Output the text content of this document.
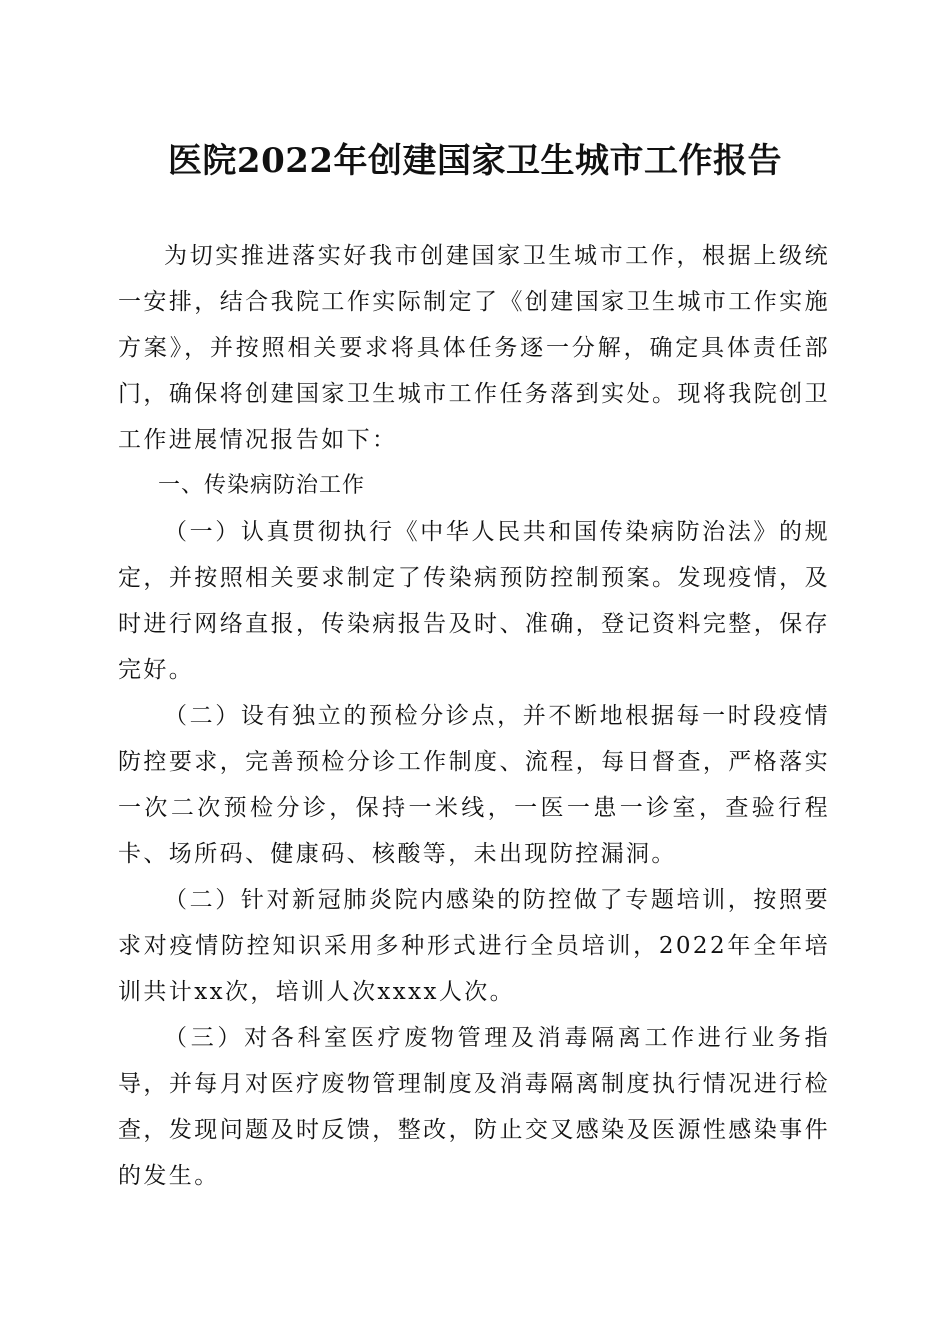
医院2022年创建国家卫生城市工作报告

为切实推进落实好我市创建国家卫生城市工作，根据上级统一安排，结合我院工作实际制定了《创建国家卫生城市工作实施方案》，并按照相关要求将具体任务逐一分解，确定具体责任部门，确保将创建国家卫生城市工作任务落到实处。现将我院创卫工作进展情况报告如下：

一、传染病防治工作

（一）认真贯彻执行《中华人民共和国传染病防治法》的规定，并按照相关要求制定了传染病预防控制预案。发现疫情，及时进行网络直报，传染病报告及时、准确，登记资料完整，保存完好。

（二）设有独立的预检分诊点，并不断地根据每一时段疫情防控要求，完善预检分诊工作制度、流程，每日督查，严格落实一次二次预检分诊，保持一米线，一医一患一诊室，查验行程卡、场所码、健康码、核酸等，未出现防控漏洞。

（二）针对新冠肺炎院内感染的防控做了专题培训，按照要求对疫情防控知识采用多种形式进行全员培训，2022年全年培训共计xx次，培训人次xxxx人次。

（三）对各科室医疗废物管理及消毒隔离工作进行业务指导，并每月对医疗废物管理制度及消毒隔离制度执行情况进行检查，发现问题及时反馈，整改，防止交叉感染及医源性感染事件的发生。
